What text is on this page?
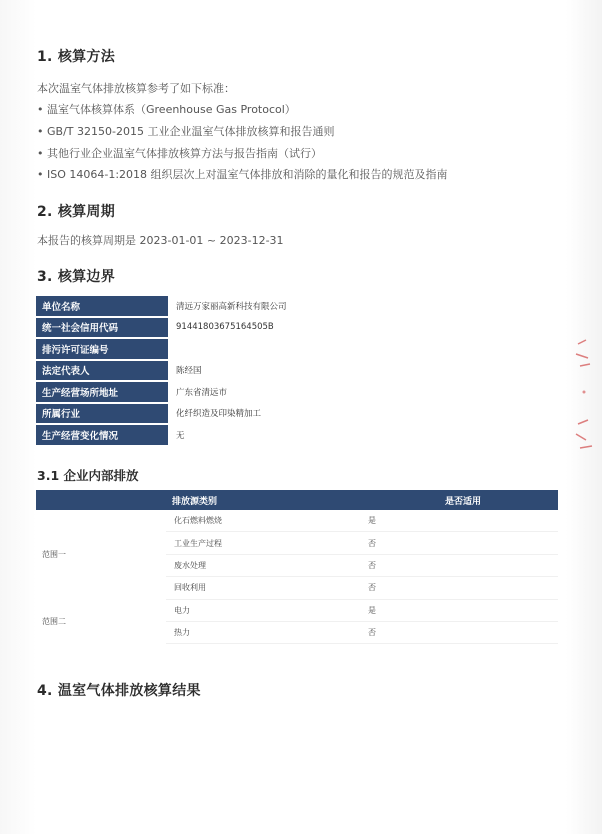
1. 核算方法
本次温室气体排放核算参考了如下标准：
• 温室气体核算体系（Greenhouse Gas Protocol）
• GB/T 32150-2015 工业企业温室气体排放核算和报告通则
• 其他行业企业温室气体排放核算方法与报告指南（试行）
• ISO 14064-1:2018 组织层次上对温室气体排放和消除的量化和报告的规范及指南
2. 核算周期
本报告的核算周期是 2023-01-01 ~ 2023-12-31
3. 核算边界
单位名称	清远万家丽高新科技有限公司
统一社会信用代码	91441803675164505B
排污许可证编号	
法定代表人	陈经国
生产经营场所地址	广东省清远市
所属行业	化纤织造及印染精加工
生产经营变化情况	无
3.1 企业内部排放
	排放源类别	是否适用
范围一	化石燃料燃烧	是
	工业生产过程	否
	废水处理	否
	回收利用	否
范围二	电力	是
	热力	否
4. 温室气体排放核算结果
